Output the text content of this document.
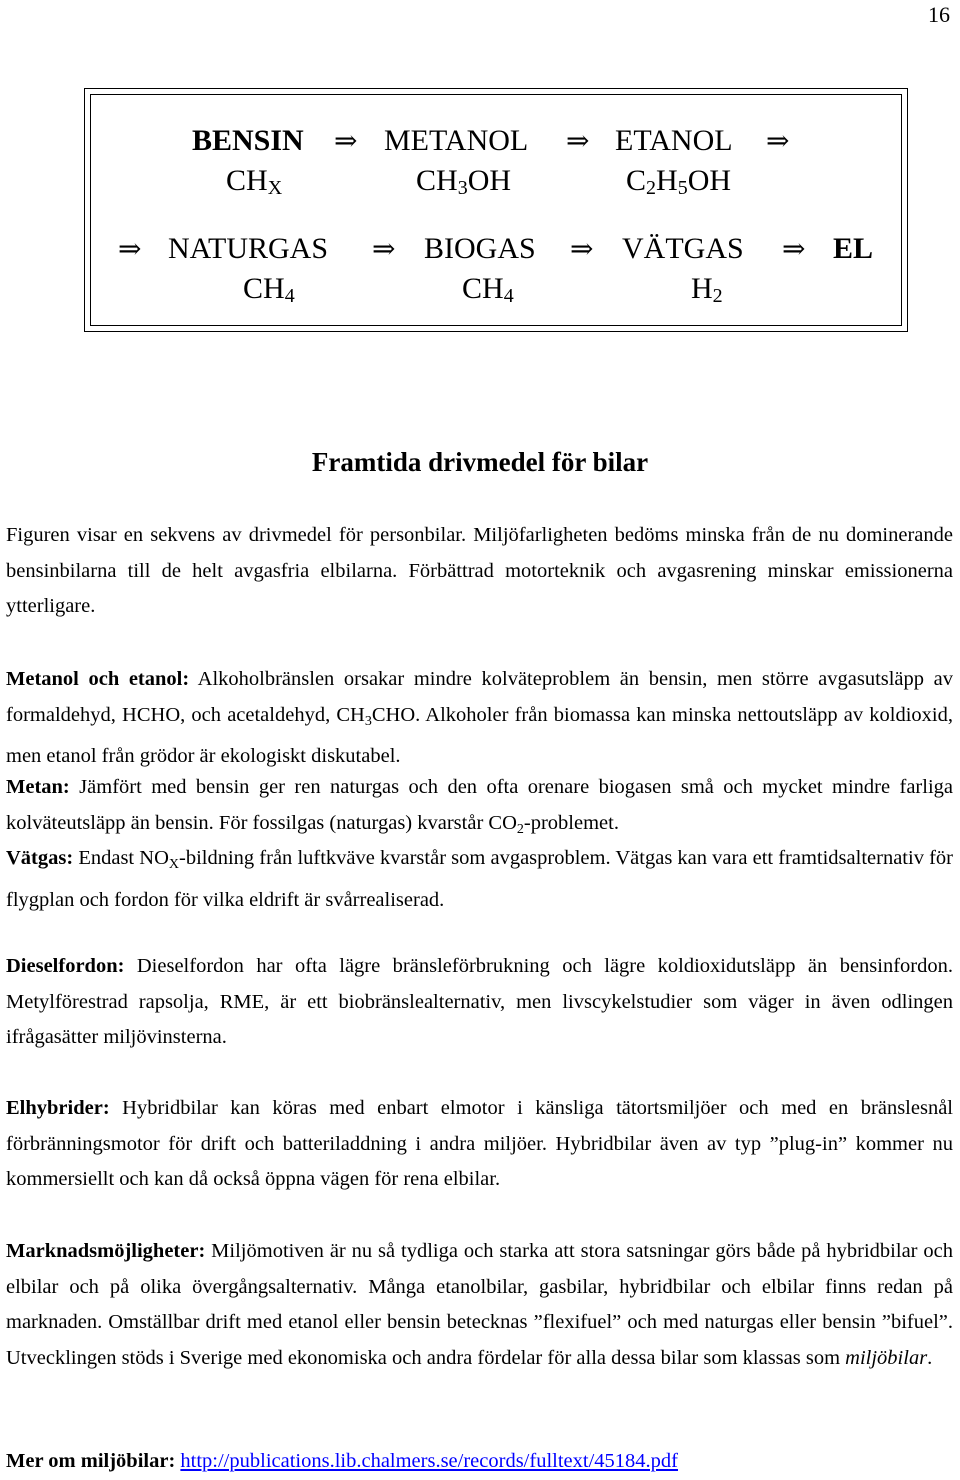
16
BENSIN ⇒ METANOL ⇒ ETANOL ⇒
$CH_X$	$CH_3OH$	$C_2H_5OH$
⇒ NATURGAS ⇒ BIOGAS ⇒ VÄTGAS ⇒ EL
$CH_4$	$CH_4$	$H_2$
Framtida drivmedel för bilar
Figuren visar en sekvens av drivmedel för personbilar. Miljöfarligheten bedöms minska från de nu dominerande bensinbilarna till de helt avgasfria elbilarna. Förbättrad motorteknik och avgasrening minskar emissionerna ytterligare.
Metanol och etanol: Alkoholbränslen orsakar mindre kolväteproblem än bensin, men större avgasutsläpp av formaldehyd, HCHO, och acetaldehyd, $CH_3CHO$. Alkoholer från biomassa kan minska nettoutsläpp av koldioxid, men etanol från grödor är ekologiskt diskutabel.
Metan: Jämfört med bensin ger ren naturgas och den ofta orenare biogasen små och mycket mindre farliga kolväteutsläpp än bensin. För fossilgas (naturgas) kvarstår $CO_2$-problemet.
Vätgas: Endast $NO_X$-bildning från luftkväve kvarstår som avgasproblem. Vätgas kan vara ett framtidsalternativ för flygplan och fordon för vilka eldrift är svårrealiserad.
Dieselfordon: Dieselfordon har ofta lägre bränsleförbrukning och lägre koldioxidutsläpp än bensinfordon. Metylförestrad rapsolja, RME, är ett biobränslealternativ, men livscykelstudier som väger in även odlingen ifrågasätter miljövinsterna.
Elhybrider: Hybridbilar kan köras med enbart elmotor i känsliga tätortsmiljöer och med en bränslesnål förbränningsmotor för drift och batteriladdning i andra miljöer. Hybridbilar även av typ ”plug-in” kommer nu kommersiellt och kan då också öppna vägen för rena elbilar.
Marknadsmöjligheter: Miljömotiven är nu så tydliga och starka att stora satsningar görs både på hybridbilar och elbilar och på olika övergångsalternativ. Många etanolbilar, gasbilar, hybridbilar och elbilar finns redan på marknaden. Omställbar drift med etanol eller bensin betecknas ”flexifuel” och med naturgas eller bensin ”bifuel”. Utvecklingen stöds i Sverige med ekonomiska och andra fördelar för alla dessa bilar som klassas som miljöbilar.
Mer om miljöbilar: http://publications.lib.chalmers.se/records/fulltext/45184.pdf
